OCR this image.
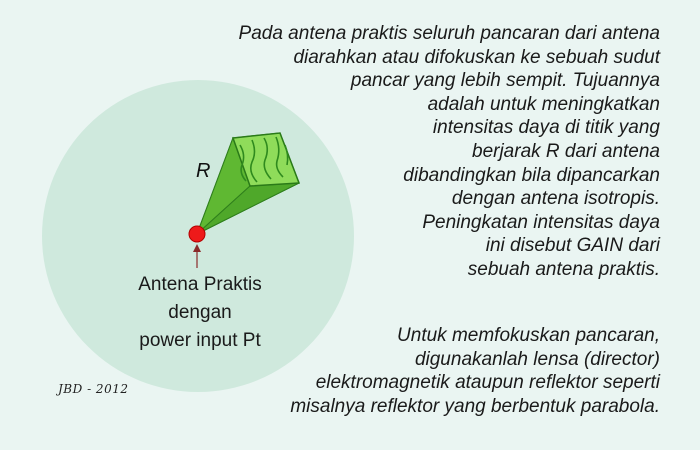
R
Antena Praktis
dengan
power input Pt
JBD - 2012
Pada antena praktis seluruh pancaran dari antena
diarahkan atau difokuskan ke sebuah sudut
pancar yang lebih sempit. Tujuannya
adalah untuk meningkatkan
intensitas daya di titik yang
berjarak R dari antena
dibandingkan bila dipancarkan
dengan antena isotropis.
Peningkatan intensitas daya
ini disebut GAIN dari
sebuah antena praktis.
Untuk memfokuskan pancaran,
digunakanlah lensa (director)
elektromagnetik ataupun reflektor seperti
misalnya reflektor yang berbentuk parabola.
